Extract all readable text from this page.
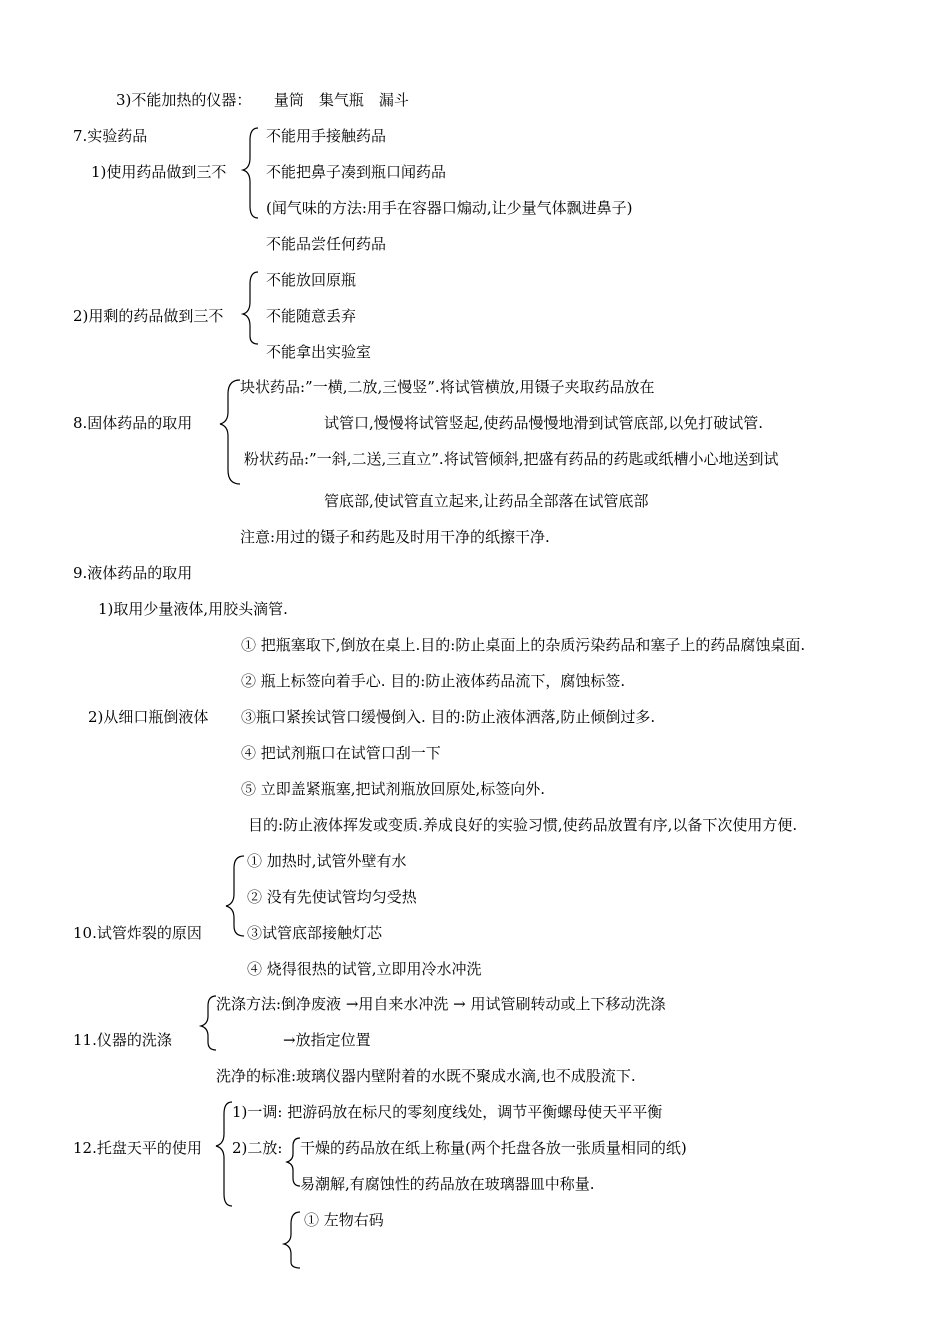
3)不能加热的仪器：　　量筒　集气瓶　漏斗
7.实验药品
1)使用药品做到三不
不能用手接触药品
不能把鼻子凑到瓶口闻药品
(闻气味的方法:用手在容器口煽动,让少量气体飘进鼻子)
不能品尝任何药品
2)用剩的药品做到三不
不能放回原瓶
不能随意丢弃
不能拿出实验室
8.固体药品的取用
块状药品:”一横,二放,三慢竖”.将试管横放,用镊子夹取药品放在
试管口,慢慢将试管竖起,使药品慢慢地滑到试管底部,以免打破试管.
粉状药品:”一斜,二送,三直立”.将试管倾斜,把盛有药品的药匙或纸槽小心地送到试
管底部,使试管直立起来,让药品全部落在试管底部
注意:用过的镊子和药匙及时用干净的纸擦干净.
9.液体药品的取用
1)取用少量液体,用胶头滴管.
2)从细口瓶倒液体
① 把瓶塞取下,倒放在桌上.目的:防止桌面上的杂质污染药品和塞子上的药品腐蚀桌面.
② 瓶上标签向着手心. 目的:防止液体药品流下，腐蚀标签.
③瓶口紧挨试管口缓慢倒入. 目的:防止液体洒落,防止倾倒过多.
④ 把试剂瓶口在试管口刮一下
⑤ 立即盖紧瓶塞,把试剂瓶放回原处,标签向外.
目的:防止液体挥发或变质.养成良好的实验习惯,使药品放置有序,以备下次使用方便.
10.试管炸裂的原因
① 加热时,试管外壁有水
② 没有先使试管均匀受热
③试管底部接触灯芯
④ 烧得很热的试管,立即用冷水冲洗
11.仪器的洗涤
洗涤方法:倒净废液 →用自来水冲洗 → 用试管刷转动或上下移动洗涤
→放指定位置
洗净的标准:玻璃仪器内壁附着的水既不聚成水滴,也不成股流下.
12.托盘天平的使用
1)一调: 把游码放在标尺的零刻度线处，调节平衡螺母使天平平衡
2)二放: 干燥的药品放在纸上称量(两个托盘各放一张质量相同的纸)
易潮解,有腐蚀性的药品放在玻璃器皿中称量.
① 左物右码
